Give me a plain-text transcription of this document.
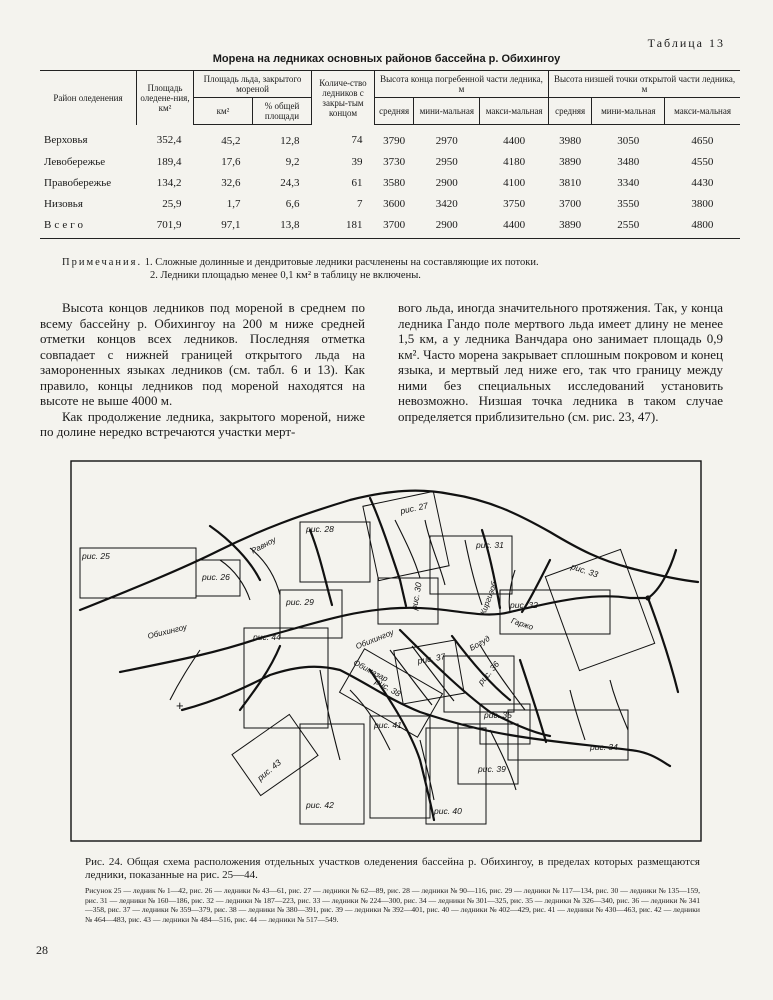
Таблица 13
Морена на ледниках основных районов бассейна р. Обихингоу
Район оледенения	Площадь оледене-ния, км²	Площадь льда, закрытого мореной		Количе-ство ледников с закры-тым концом	Высота конца погребенной части ледника, м			Высота низшей точки открытой части ледника, м		
		км²	% общей площади		средняя	мини-мальная	макси-мальная	средняя	мини-мальная	макси-мальная
Верховья	352,4	45,2	12,8	74	3790	2970	4400	3980	3050	4650
Левобережье	189,4	17,6	9,2	39	3730	2950	4180	3890	3480	4550
Правобережье	134,2	32,6	24,3	61	3580	2900	4100	3810	3340	4430
Низовья	25,9	1,7	6,6	7	3600	3420	3750	3700	3550	3800
Всего	701,9	97,1	13,8	181	3700	2900	4400	3890	2550	4800
Примечания. 1. Сложные долинные и дендритовые ледники расчленены на составляющие их потоки.
2. Ледники площадью менее 0,1 км² в таблицу не включены.

Высота концов ледников под мореной в среднем по всему бассейну р. Обихингоу на 200 м ниже средней отметки концов всех ледников. Последняя отметка совпадает с нижней границей открытого льда на замороненных языках ледников (см. табл. 6 и 13). Как правило, концы ледников под мореной находятся на высоте не выше 4000 м.

Как продолжение ледника, закрытого мореной, ниже по долине нередко встречаются участки мерт-

вого льда, иногда значительного протяжения. Так, у конца ледника Гандо поле мертвого льда имеет длину не менее 1,5 км, а у ледника Ванчдара оно занимает площадь 0,9 км². Часто морена закрывает сплошным покровом и конец языка, и мертвый лед ниже его, так что границу между ними без специальных исследований установить невозможно. Низшая точка ледника в таком случае определяется приблизительно (см. рис. 23, 47).

рис. 25
рис. 26
рис. 28
рис. 27
рис. 31
рис. 29	рис. 30	рис. 32
рис. 33
рис. 44
рис. 37
рис. 38
рис. 36
рис. 35
рис. 34
рис. 41
рис. 42
рис. 43
рис. 40
рис. 39
Обихингоу
Равноу
Обихингоу
Киргизоб
Гаржо
Богуд
Обимазар
+
Рис. 24. Общая схема расположения отдельных участков оледенения бассейна р. Обихингоу, в пределах которых размещаются ледники, показанные на рис. 25—44.
Рисунок 25 — ледник № 1—42, рис. 26 — ледники № 43—61, рис. 27 — ледники № 62—89, рис. 28 — ледники № 90—116, рис. 29 — ледники № 117—134, рис. 30 — ледники № 135—159, рис. 31 — ледники № 160—186, рис. 32 — ледники № 187—223, рис. 33 — ледники № 224—300, рис. 34 — ледники № 301—325, рис. 35 — ледники № 326—340, рис. 36 — ледники № 341—358, рис. 37 — ледники № 359—379, рис. 38 — ледники № 380—391, рис. 39 — ледники № 392—401, рис. 40 — ледники № 402—429, рис. 41 — ледники № 430—463, рис. 42 — ледники № 464—483, рис. 43 — ледники № 484—516, рис. 44 — ледники № 517—549.
28
